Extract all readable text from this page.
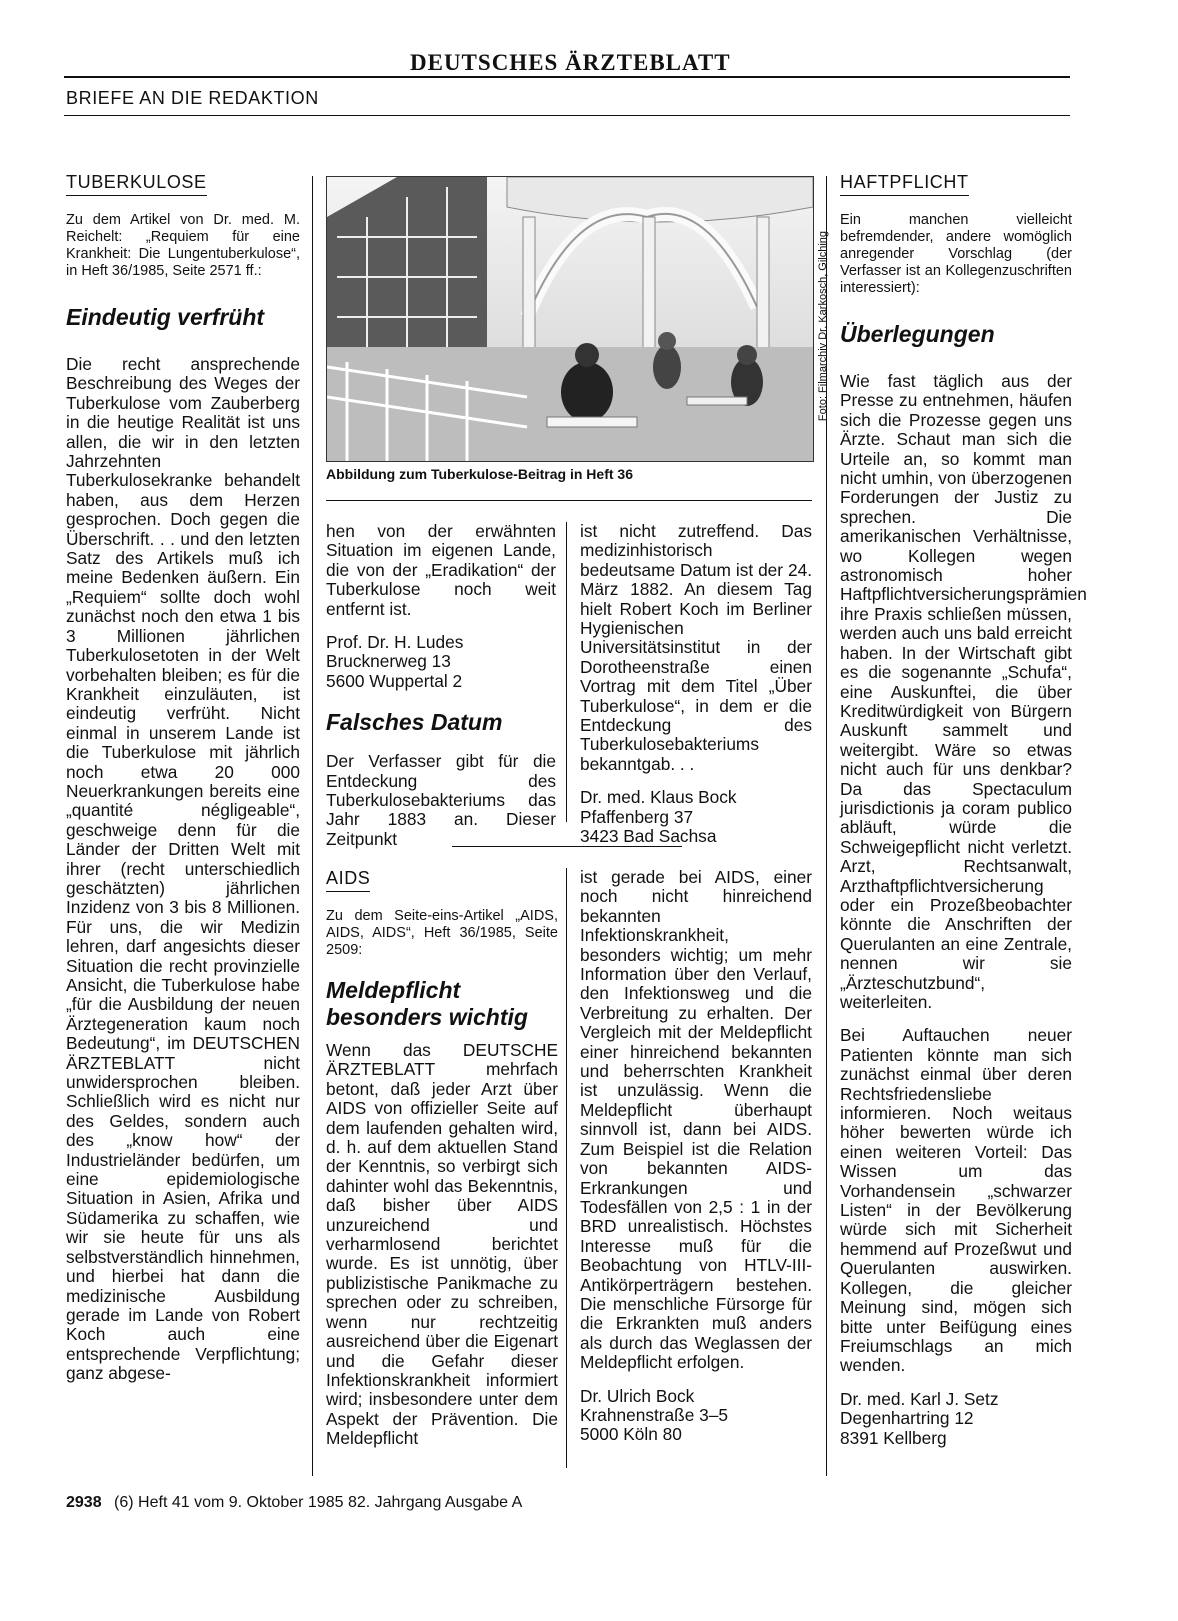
DEUTSCHES ÄRZTEBLATT
BRIEFE AN DIE REDAKTION
TUBERKULOSE
Zu dem Artikel von Dr. med. M. Reichelt: „Requiem für eine Krankheit: Die Lungentuberkulose“, in Heft 36/1985, Seite 2571 ff.:
Eindeutig verfrüht
Die recht ansprechende Beschreibung des Weges der Tuberkulose vom Zauberberg in die heutige Realität ist uns allen, die wir in den letzten Jahrzehnten Tuberkulosekranke behandelt haben, aus dem Herzen gesprochen. Doch gegen die Überschrift. . . und den letzten Satz des Artikels muß ich meine Bedenken äußern. Ein „Requiem“ sollte doch wohl zunächst noch den etwa 1 bis 3 Millionen jährlichen Tuberkulosetoten in der Welt vorbehalten bleiben; es für die Krankheit einzuläuten, ist eindeutig verfrüht. Nicht einmal in unserem Lande ist die Tuberkulose mit jährlich noch etwa 20 000 Neuerkrankungen bereits eine „quantité négligeable“, geschweige denn für die Länder der Dritten Welt mit ihrer (recht unterschiedlich geschätzten) jährlichen Inzidenz von 3 bis 8 Millionen. Für uns, die wir Medizin lehren, darf angesichts dieser Situation die recht provinzielle Ansicht, die Tuberkulose habe „für die Ausbildung der neuen Ärztegeneration kaum noch Bedeutung“, im DEUTSCHEN ÄRZTEBLATT nicht unwidersprochen bleiben. Schließlich wird es nicht nur des Geldes, sondern auch des „know how“ der Industrieländer bedürfen, um eine epidemiologische Situation in Asien, Afrika und Südamerika zu schaffen, wie wir sie heute für uns als selbstverständlich hinnehmen, und hierbei hat dann die medizinische Ausbildung gerade im Lande von Robert Koch auch eine entsprechende Verpflichtung; ganz abgese-
Foto: Filmarchiv Dr. Karkosch, Gilching
Abbildung zum Tuberkulose-Beitrag in Heft 36

hen von der erwähnten Situation im eigenen Lande, die von der „Eradikation“ der Tuberkulose noch weit entfernt ist.

Prof. Dr. H. Ludes
Brucknerweg 13
5600 Wuppertal 2
Falsches Datum

Der Verfasser gibt für die Entdeckung des Tuberkulosebakteriums das Jahr 1883 an. Dieser Zeitpunkt

ist nicht zutreffend. Das medizinhistorisch bedeutsame Datum ist der 24. März 1882. An diesem Tag hielt Robert Koch im Berliner Hygienischen Universitätsinstitut in der Dorotheenstraße einen Vortrag mit dem Titel „Über Tuberkulose“, in dem er die Entdeckung des Tuberkulosebakteriums bekanntgab. . .

Dr. med. Klaus Bock
Pfaffenberg 37
3423 Bad Sachsa
AIDS
Zu dem Seite-eins-Artikel „AIDS, AIDS, AIDS“, Heft 36/1985, Seite 2509:
Meldepflicht besonders wichtig
Wenn das DEUTSCHE ÄRZTEBLATT mehrfach betont, daß jeder Arzt über AIDS von offizieller Seite auf dem laufenden gehalten wird, d. h. auf dem aktuellen Stand der Kenntnis, so verbirgt sich dahinter wohl das Bekenntnis, daß bisher über AIDS unzureichend und verharmlosend berichtet wurde. Es ist unnötig, über publizistische Panikmache zu sprechen oder zu schreiben, wenn nur rechtzeitig ausreichend über die Eigenart und die Gefahr dieser Infektionskrankheit informiert wird; insbesondere unter dem Aspekt der Prävention. Die Meldepflicht

ist gerade bei AIDS, einer noch nicht hinreichend bekannten Infektionskrankheit, besonders wichtig; um mehr Information über den Verlauf, den Infektionsweg und die Verbreitung zu erhalten. Der Vergleich mit der Meldepflicht einer hinreichend bekannten und beherrschten Krankheit ist unzulässig. Wenn die Meldepflicht überhaupt sinnvoll ist, dann bei AIDS. Zum Beispiel ist die Relation von bekannten AIDS-Erkrankungen und Todesfällen von 2,5 : 1 in der BRD unrealistisch. Höchstes Interesse muß für die Beobachtung von HTLV-III-Antikörperträgern bestehen. Die menschliche Fürsorge für die Erkrankten muß anders als durch das Weglassen der Meldepflicht erfolgen.

Dr. Ulrich Bock
Krahnenstraße 3–5
5000 Köln 80
HAFTPFLICHT
Ein manchen vielleicht befremdender, andere womöglich anregender Vorschlag (der Verfasser ist an Kollegenzuschriften interessiert):
Überlegungen

Wie fast täglich aus der Presse zu entnehmen, häufen sich die Prozesse gegen uns Ärzte. Schaut man sich die Urteile an, so kommt man nicht umhin, von überzogenen Forderungen der Justiz zu sprechen. Die amerikanischen Verhältnisse, wo Kollegen wegen astronomisch hoher Haftpflichtversicherungsprämien ihre Praxis schließen müssen, werden auch uns bald erreicht haben. In der Wirtschaft gibt es die sogenannte „Schufa“, eine Auskunftei, die über Kreditwürdigkeit von Bürgern Auskunft sammelt und weitergibt. Wäre so etwas nicht auch für uns denkbar? Da das Spectaculum jurisdictionis ja coram publico abläuft, würde die Schweigepflicht nicht verletzt. Arzt, Rechtsanwalt, Arzthaftpflichtversicherung oder ein Prozeßbeobachter könnte die Anschriften der Querulanten an eine Zentrale, nennen wir sie „Ärzteschutzbund“, weiterleiten.

Bei Auftauchen neuer Patienten könnte man sich zunächst einmal über deren Rechtsfriedensliebe informieren. Noch weitaus höher bewerten würde ich einen weiteren Vorteil: Das Wissen um das Vorhandensein „schwarzer Listen“ in der Bevölkerung würde sich mit Sicherheit hemmend auf Prozeßwut und Querulanten auswirken. Kollegen, die gleicher Meinung sind, mögen sich bitte unter Beifügung eines Freiumschlags an mich wenden.

Dr. med. Karl J. Setz
Degenhartring 12
8391 Kellberg
2938 (6) Heft 41 vom 9. Oktober 1985 82. Jahrgang Ausgabe A
